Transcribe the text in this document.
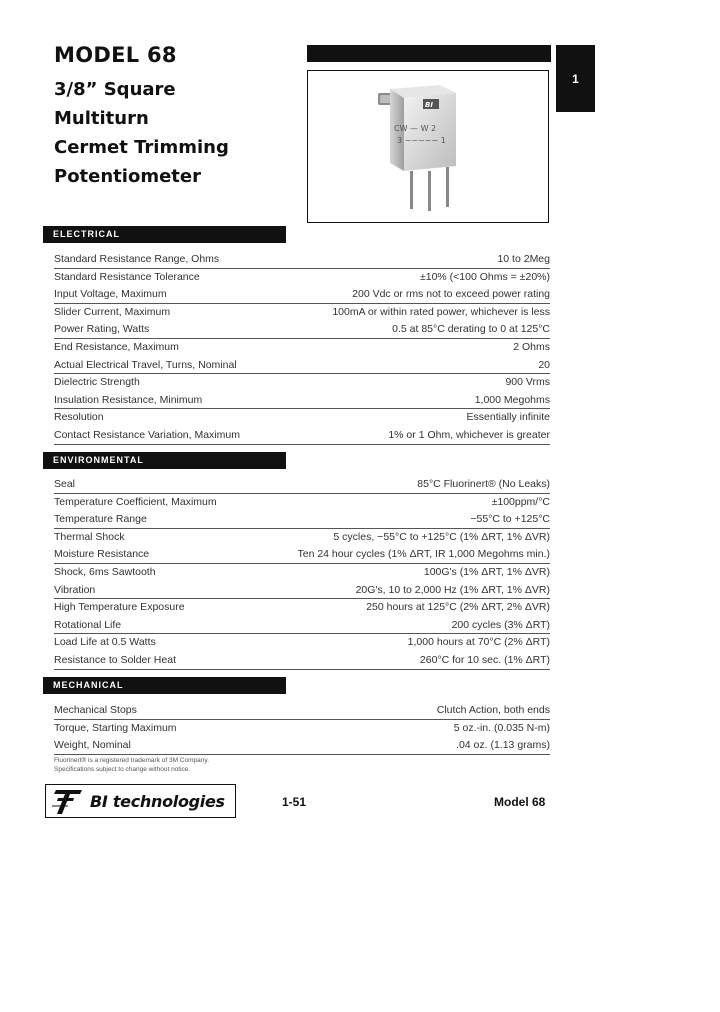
MODEL 68
3/8” Square
Multiturn
Cermet Trimming
Potentiometer
BI
CW — W 2
3 ~~~~~ 1
1
ELECTRICAL
Standard Resistance Range, Ohms	10 to 2Meg
Standard Resistance Tolerance	±10% (<100 Ohms = ±20%)
Input Voltage, Maximum	200 Vdc or rms not to exceed power rating
Slider Current, Maximum	100mA or within rated power, whichever is less
Power Rating, Watts	0.5 at 85°C derating to 0 at 125°C
End Resistance, Maximum	2 Ohms
Actual Electrical Travel, Turns, Nominal	20
Dielectric Strength	900 Vrms
Insulation Resistance, Minimum	1,000 Megohms
Resolution	Essentially infinite
Contact Resistance Variation, Maximum	1% or 1 Ohm, whichever is greater
ENVIRONMENTAL
Seal	85°C Fluorinert® (No Leaks)
Temperature Coefficient, Maximum	±100ppm/°C
Temperature Range	−55°C to +125°C
Thermal Shock	5 cycles, −55°C to +125°C (1% ΔRT, 1% ΔVR)
Moisture Resistance	Ten 24 hour cycles (1% ΔRT, IR 1,000 Megohms min.)
Shock, 6ms Sawtooth	100G's (1% ΔRT, 1% ΔVR)
Vibration	20G's, 10 to 2,000 Hz (1% ΔRT, 1% ΔVR)
High Temperature Exposure	250 hours at 125°C (2% ΔRT, 2% ΔVR)
Rotational Life	200 cycles (3% ΔRT)
Load Life at 0.5 Watts	1,000 hours at 70°C (2% ΔRT)
Resistance to Solder Heat	260°C for 10 sec. (1% ΔRT)
MECHANICAL
Mechanical Stops	Clutch Action, both ends
Torque, Starting Maximum	5 oz.-in. (0.035 N-m)
Weight, Nominal	.04 oz. (1.13 grams)
Fluorinert® is a registered trademark of 3M Company.
Specifications subject to change without notice.
BI technologies	1-51	Model 68
